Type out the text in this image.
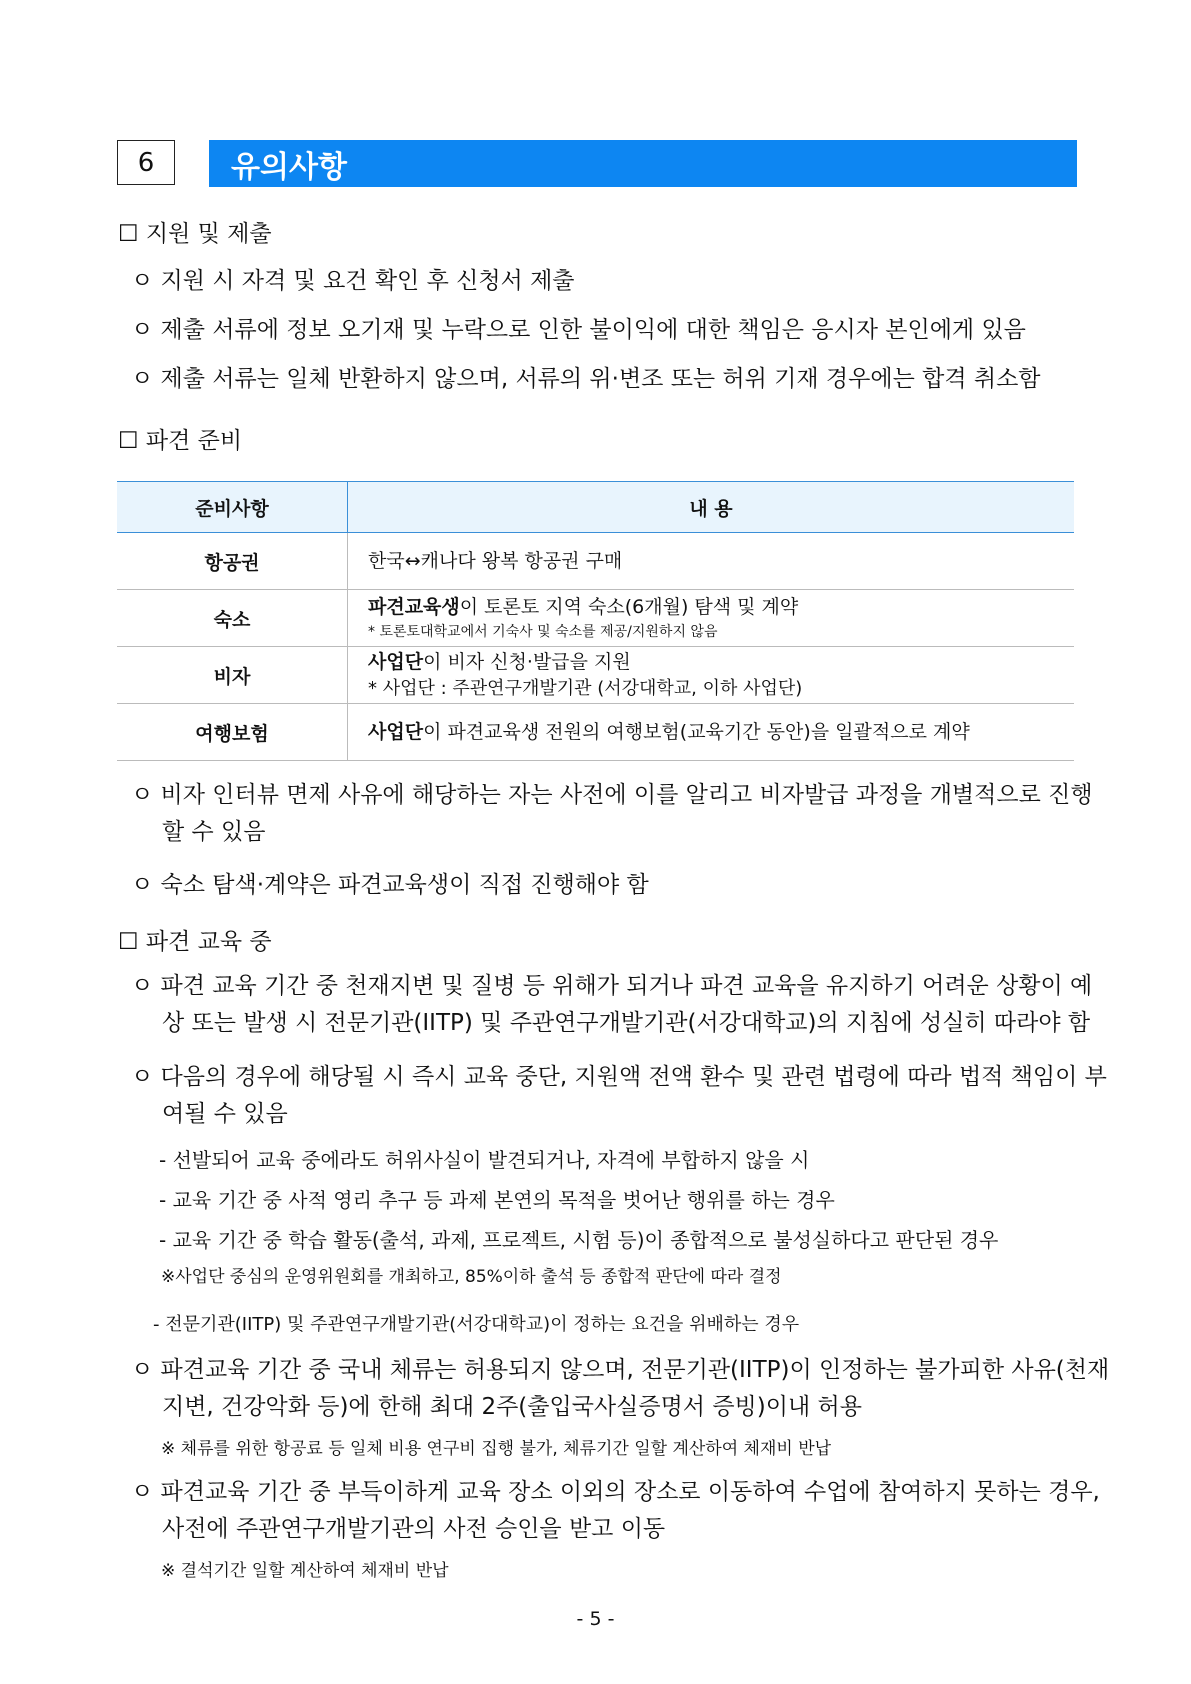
6	유의사항
☐ 지원 및 제출
ㅇ 지원 시 자격 및 요건 확인 후 신청서 제출
ㅇ 제출 서류에 정보 오기재 및 누락으로 인한 불이익에 대한 책임은 응시자 본인에게 있음
ㅇ 제출 서류는 일체 반환하지 않으며, 서류의 위·변조 또는 허위 기재 경우에는 합격 취소함
☐ 파견 준비
준비사항	내 용
항공권	한국↔캐나다 왕복 항공권 구매

숙소	파견교육생이 토론토 지역 숙소(6개월) 탐색 및 계약
* 토론토대학교에서 기숙사 및 숙소를 제공/지원하지 않음

비자	사업단이 비자 신청·발급을 지원
* 사업단 : 주관연구개발기관 (서강대학교, 이하 사업단)

여행보험	사업단이 파견교육생 전원의 여행보험(교육기간 동안)을 일괄적으로 계약
ㅇ 비자 인터뷰 면제 사유에 해당하는 자는 사전에 이를 알리고 비자발급 과정을 개별적으로 진행할 수 있음
ㅇ 숙소 탐색·계약은 파견교육생이 직접 진행해야 함
☐ 파견 교육 중
ㅇ 파견 교육 기간 중 천재지변 및 질병 등 위해가 되거나 파견 교육을 유지하기 어려운 상황이 예상 또는 발생 시 전문기관(IITP) 및 주관연구개발기관(서강대학교)의 지침에 성실히 따라야 함
ㅇ 다음의 경우에 해당될 시 즉시 교육 중단, 지원액 전액 환수 및 관련 법령에 따라 법적 책임이 부여될 수 있음
- 선발되어 교육 중에라도 허위사실이 발견되거나, 자격에 부합하지 않을 시
- 교육 기간 중 사적 영리 추구 등 과제 본연의 목적을 벗어난 행위를 하는 경우
- 교육 기간 중 학습 활동(출석, 과제, 프로젝트, 시험 등)이 종합적으로 불성실하다고 판단된 경우
※사업단 중심의 운영위원회를 개최하고, 85%이하 출석 등 종합적 판단에 따라 결정
- 전문기관(IITP) 및 주관연구개발기관(서강대학교)이 정하는 요건을 위배하는 경우
ㅇ 파견교육 기간 중 국내 체류는 허용되지 않으며, 전문기관(IITP)이 인정하는 불가피한 사유(천재지변, 건강악화 등)에 한해 최대 2주(출입국사실증명서 증빙)이내 허용
※ 체류를 위한 항공료 등 일체 비용 연구비 집행 불가, 체류기간 일할 계산하여 체재비 반납
ㅇ 파견교육 기간 중 부득이하게 교육 장소 이외의 장소로 이동하여 수업에 참여하지 못하는 경우, 사전에 주관연구개발기관의 사전 승인을 받고 이동
※ 결석기간 일할 계산하여 체재비 반납
- 5 -
